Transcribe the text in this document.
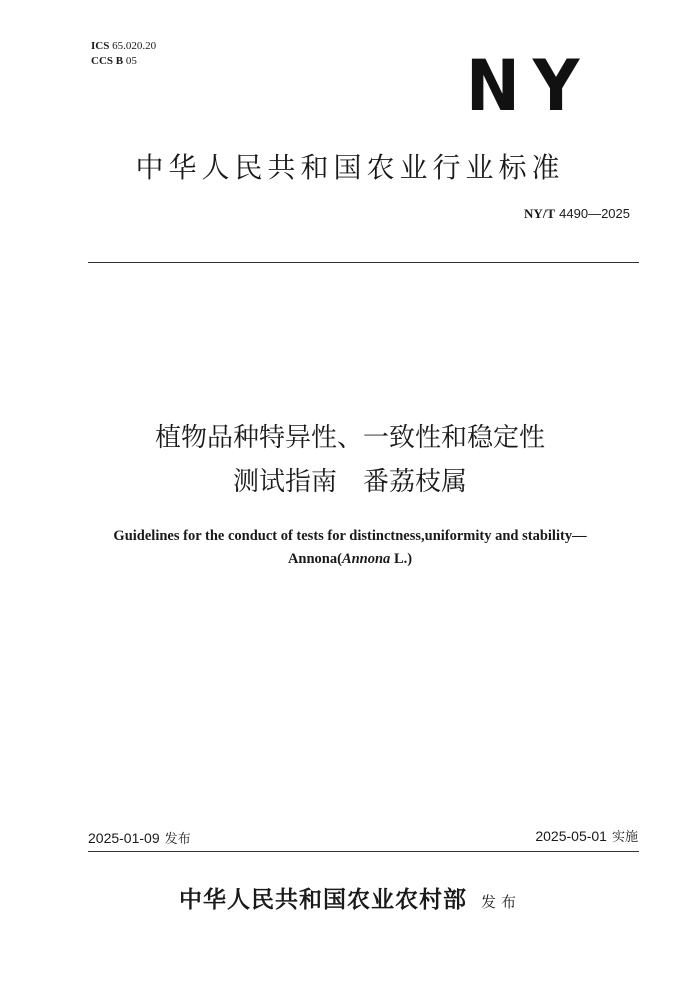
ICS 65.020.20
CCS B 05	NY
中华人民共和国农业行业标准
NY/T 4490—2025
植物品种特异性、一致性和稳定性
测试指南　番荔枝属
Guidelines for the conduct of tests for distinctness,uniformity and stability—
Annona(Annona L.)
2025-01-09 发布	2025-05-01 实施
中华人民共和国农业农村部 发布
